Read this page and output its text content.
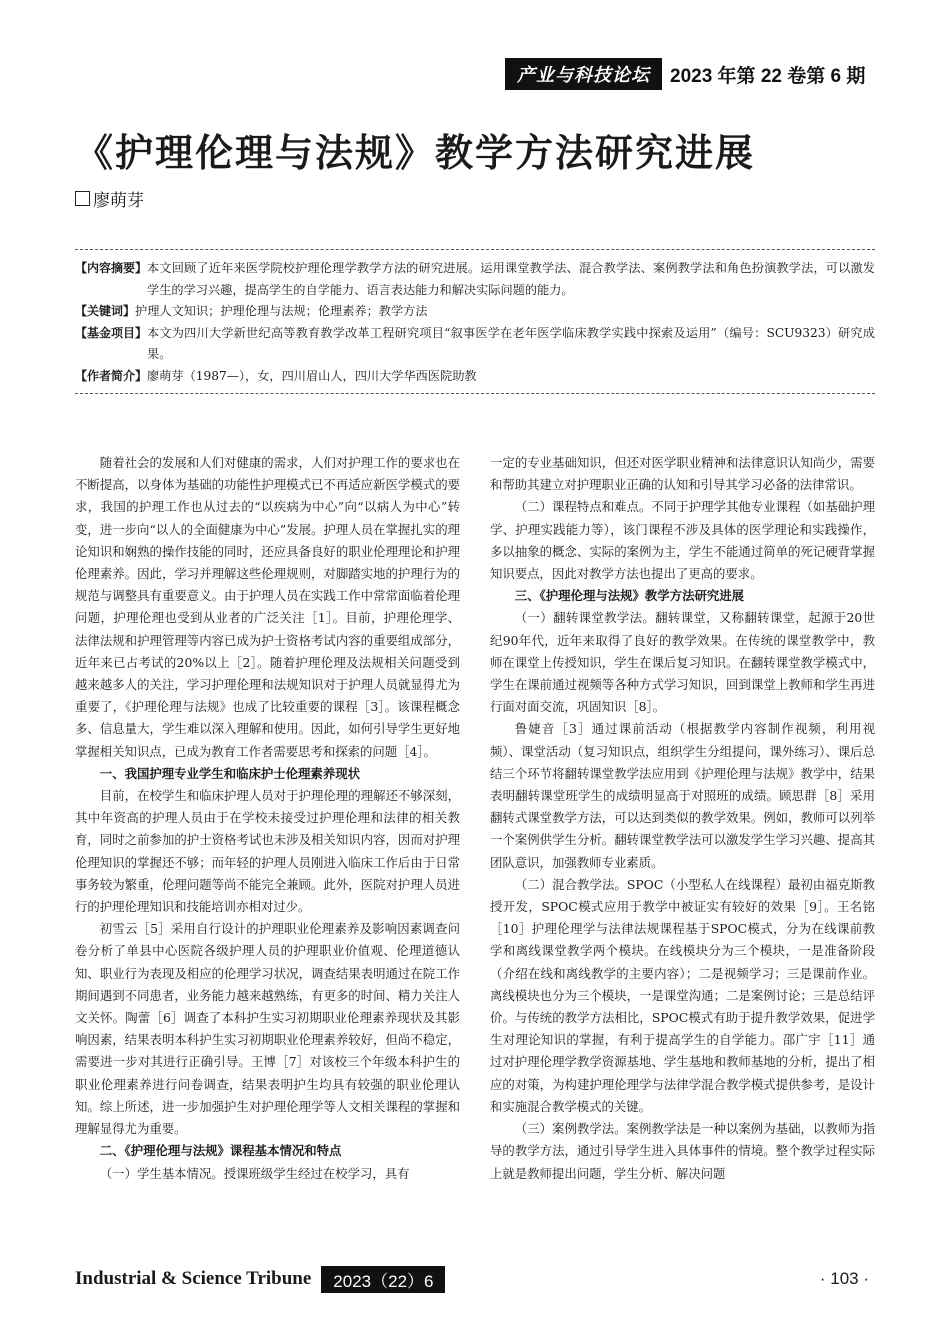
产业与科技论坛	2023 年第 22 卷第 6 期
《护理伦理与法规》教学方法研究进展
廖萌芽
【内容摘要】 本文回顾了近年来医学院校护理伦理学教学方法的研究进展。运用课堂教学法、混合教学法、案例教学法和角色扮演教学法，可以激发学生的学习兴趣，提高学生的自学能力、语言表达能力和解决实际问题的能力。
【关键词】 护理人文知识；护理伦理与法规；伦理素养；教学方法
【基金项目】 本文为四川大学新世纪高等教育教学改革工程研究项目“叙事医学在老年医学临床教学实践中探索及运用”（编号：SCU9323）研究成果。
【作者简介】 廖萌芽（1987—），女，四川眉山人，四川大学华西医院助教

随着社会的发展和人们对健康的需求，人们对护理工作的要求也在不断提高，以身体为基础的功能性护理模式已不再适应新医学模式的要求，我国的护理工作也从过去的“以疾病为中心”向“以病人为中心”转变，进一步向“以人的全面健康为中心”发展。护理人员在掌握扎实的理论知识和娴熟的操作技能的同时，还应具备良好的职业伦理理论和护理伦理素养。因此，学习并理解这些伦理规则，对脚踏实地的护理行为的规范与调整具有重要意义。由于护理人员在实践工作中常常面临着伦理问题，护理伦理也受到从业者的广泛关注［1］。目前，护理伦理学、法律法规和护理管理等内容已成为护士资格考试内容的重要组成部分，近年来已占考试的20%以上［2］。随着护理伦理及法规相关问题受到越来越多人的关注，学习护理伦理和法规知识对于护理人员就显得尤为重要了，《护理伦理与法规》也成了比较重要的课程［3］。该课程概念多、信息量大，学生难以深入理解和使用。因此，如何引导学生更好地掌握相关知识点，已成为教育工作者需要思考和探索的问题［4］。

一、我国护理专业学生和临床护士伦理素养现状

目前，在校学生和临床护理人员对于护理伦理的理解还不够深刻，其中年资高的护理人员由于在学校未接受过护理伦理和法律的相关教育，同时之前参加的护士资格考试也未涉及相关知识内容，因而对护理伦理知识的掌握还不够；而年轻的护理人员刚进入临床工作后由于日常事务较为繁重，伦理问题等尚不能完全兼顾。此外，医院对护理人员进行的护理伦理知识和技能培训亦相对过少。

初雪云［5］采用自行设计的护理职业伦理素养及影响因素调查问卷分析了单县中心医院各级护理人员的护理职业价值观、伦理道德认知、职业行为表现及相应的伦理学习状况，调查结果表明通过在院工作期间遇到不同患者，业务能力越来越熟练，有更多的时间、精力关注人文关怀。陶蕾［6］调查了本科护生实习初期职业伦理素养现状及其影响因素，结果表明本科护生实习初期职业伦理素养较好，但尚不稳定，需要进一步对其进行正确引导。王博［7］对该校三个年级本科护生的职业伦理素养进行问卷调查，结果表明护生均具有较强的职业伦理认知。综上所述，进一步加强护生对护理伦理学等人文相关课程的掌握和理解显得尤为重要。

二、《护理伦理与法规》课程基本情况和特点

（一）学生基本情况。授课班级学生经过在校学习，具有

一定的专业基础知识，但还对医学职业精神和法律意识认知尚少，需要和帮助其建立对护理职业正确的认知和引导其学习必备的法律常识。

（二）课程特点和难点。不同于护理学其他专业课程（如基础护理学、护理实践能力等），该门课程不涉及具体的医学理论和实践操作，多以抽象的概念、实际的案例为主，学生不能通过简单的死记硬背掌握知识要点，因此对教学方法也提出了更高的要求。

三、《护理伦理与法规》教学方法研究进展

（一）翻转课堂教学法。翻转课堂，又称翻转课堂，起源于20世纪90年代，近年来取得了良好的教学效果。在传统的课堂教学中，教师在课堂上传授知识，学生在课后复习知识。在翻转课堂教学模式中，学生在课前通过视频等各种方式学习知识，回到课堂上教师和学生再进行面对面交流，巩固知识［8］。

鲁婕音［3］通过课前活动（根据教学内容制作视频，利用视频）、课堂活动（复习知识点，组织学生分组提问，课外练习）、课后总结三个环节将翻转课堂教学法应用到《护理伦理与法规》教学中，结果表明翻转课堂班学生的成绩明显高于对照班的成绩。顾思群［8］采用翻转式课堂教学方法，可以达到类似的教学效果。例如，教师可以列举一个案例供学生分析。翻转课堂教学法可以激发学生学习兴趣、提高其团队意识，加强教师专业素质。

（二）混合教学法。SPOC（小型私人在线课程）最初由福克斯教授开发，SPOC模式应用于教学中被证实有较好的效果［9］。王名铭［10］护理伦理学与法律法规课程基于SPOC模式，分为在线课前教学和离线课堂教学两个模块。在线模块分为三个模块，一是准备阶段（介绍在线和离线教学的主要内容）；二是视频学习；三是课前作业。离线模块也分为三个模块，一是课堂沟通；二是案例讨论；三是总结评价。与传统的教学方法相比，SPOC模式有助于提升教学效果，促进学生对理论知识的掌握，有利于提高学生的自学能力。邵广宇［11］通过对护理伦理学教学资源基地、学生基地和教师基地的分析，提出了相应的对策，为构建护理伦理学与法律学混合教学模式提供参考，是设计和实施混合教学模式的关键。

（三）案例教学法。案例教学法是一种以案例为基础，以教师为指导的教学方法，通过引导学生进入具体事件的情境。整个教学过程实际上就是教师提出问题，学生分析、解决问题

Industrial & Science Tribune	2023（22）6	· 103 ·
